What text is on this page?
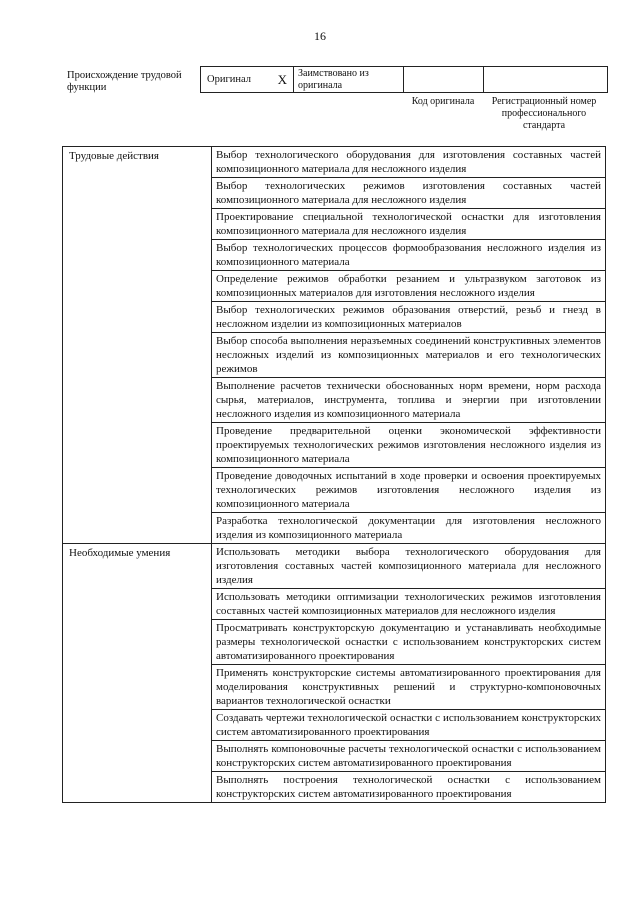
16
Происхождение трудовой функции
Оригинал X	Заимствовано из оригинала
Код оригинала	Регистрационный номер профессионального стандарта
Трудовые действия	Выбор технологического оборудования для изготовления составных частей композиционного материала для несложного изделия
	Выбор технологических режимов изготовления составных частей композиционного материала для несложного изделия
	Проектирование специальной технологической оснастки для изготовления композиционного материала для несложного изделия
	Выбор технологических процессов формообразования несложного изделия из композиционного материала
	Определение режимов обработки резанием и ультразвуком заготовок из композиционных материалов для изготовления несложного изделия
	Выбор технологических режимов образования отверстий, резьб и гнезд в несложном изделии из композиционных материалов
	Выбор способа выполнения неразъемных соединений конструктивных элементов несложных изделий из композиционных материалов и его технологических режимов
	Выполнение расчетов технически обоснованных норм времени, норм расхода сырья, материалов, инструмента, топлива и энергии при изготовлении несложного изделия из композиционного материала
	Проведение предварительной оценки экономической эффективности проектируемых технологических режимов изготовления несложного изделия из композиционного материала
	Проведение доводочных испытаний в ходе проверки и освоения проектируемых технологических режимов изготовления несложного изделия из композиционного материала
	Разработка технологической документации для изготовления несложного изделия из композиционного материала
Необходимые умения	Использовать методики выбора технологического оборудования для изготовления составных частей композиционного материала для несложного изделия
	Использовать методики оптимизации технологических режимов изготовления составных частей композиционных материалов для несложного изделия
	Просматривать конструкторскую документацию и устанавливать необходимые размеры технологической оснастки с использованием конструкторских систем автоматизированного проектирования
	Применять конструкторские системы автоматизированного проектирования для моделирования конструктивных решений и структурно-компоновочных вариантов технологической оснастки
	Создавать чертежи технологической оснастки с использованием конструкторских систем автоматизированного проектирования
	Выполнять компоновочные расчеты технологической оснастки с использованием конструкторских систем автоматизированного проектирования
	Выполнять построения технологической оснастки с использованием конструкторских систем автоматизированного проектирования
